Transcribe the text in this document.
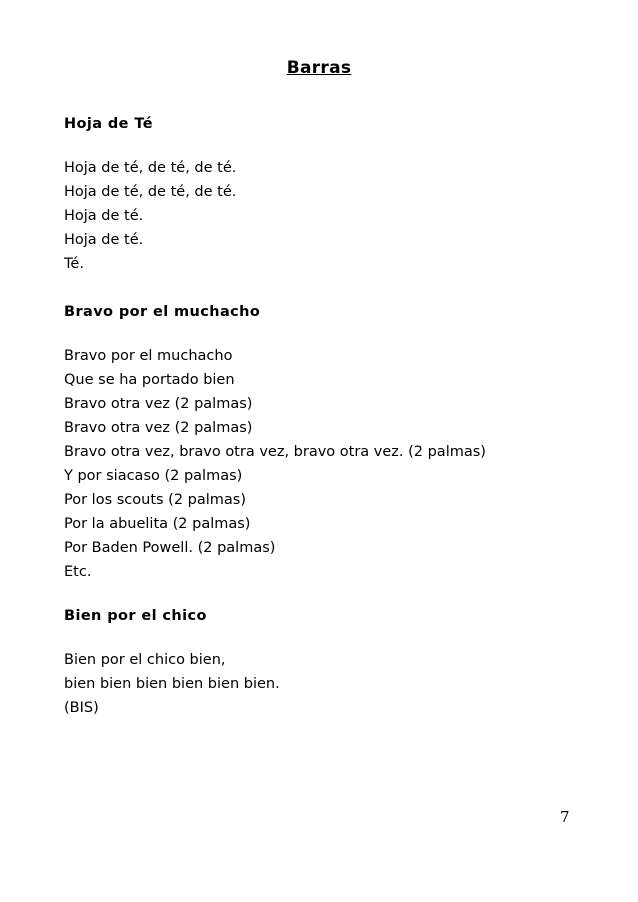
Barras
Hoja de Té
Hoja de té, de té, de té.
Hoja de té, de té, de té.
Hoja de té.
Hoja de té.
Té.
Bravo por el muchacho
Bravo por el muchacho
Que se ha portado bien
Bravo otra vez (2 palmas)
Bravo otra vez (2 palmas)
Bravo otra vez, bravo otra vez, bravo otra vez. (2 palmas)
Y por siacaso (2 palmas)
Por los scouts (2 palmas)
Por la abuelita (2 palmas)
Por Baden Powell. (2 palmas)
Etc.
Bien por el chico
Bien por el chico bien,
bien bien bien bien bien bien.
(BIS)
7
